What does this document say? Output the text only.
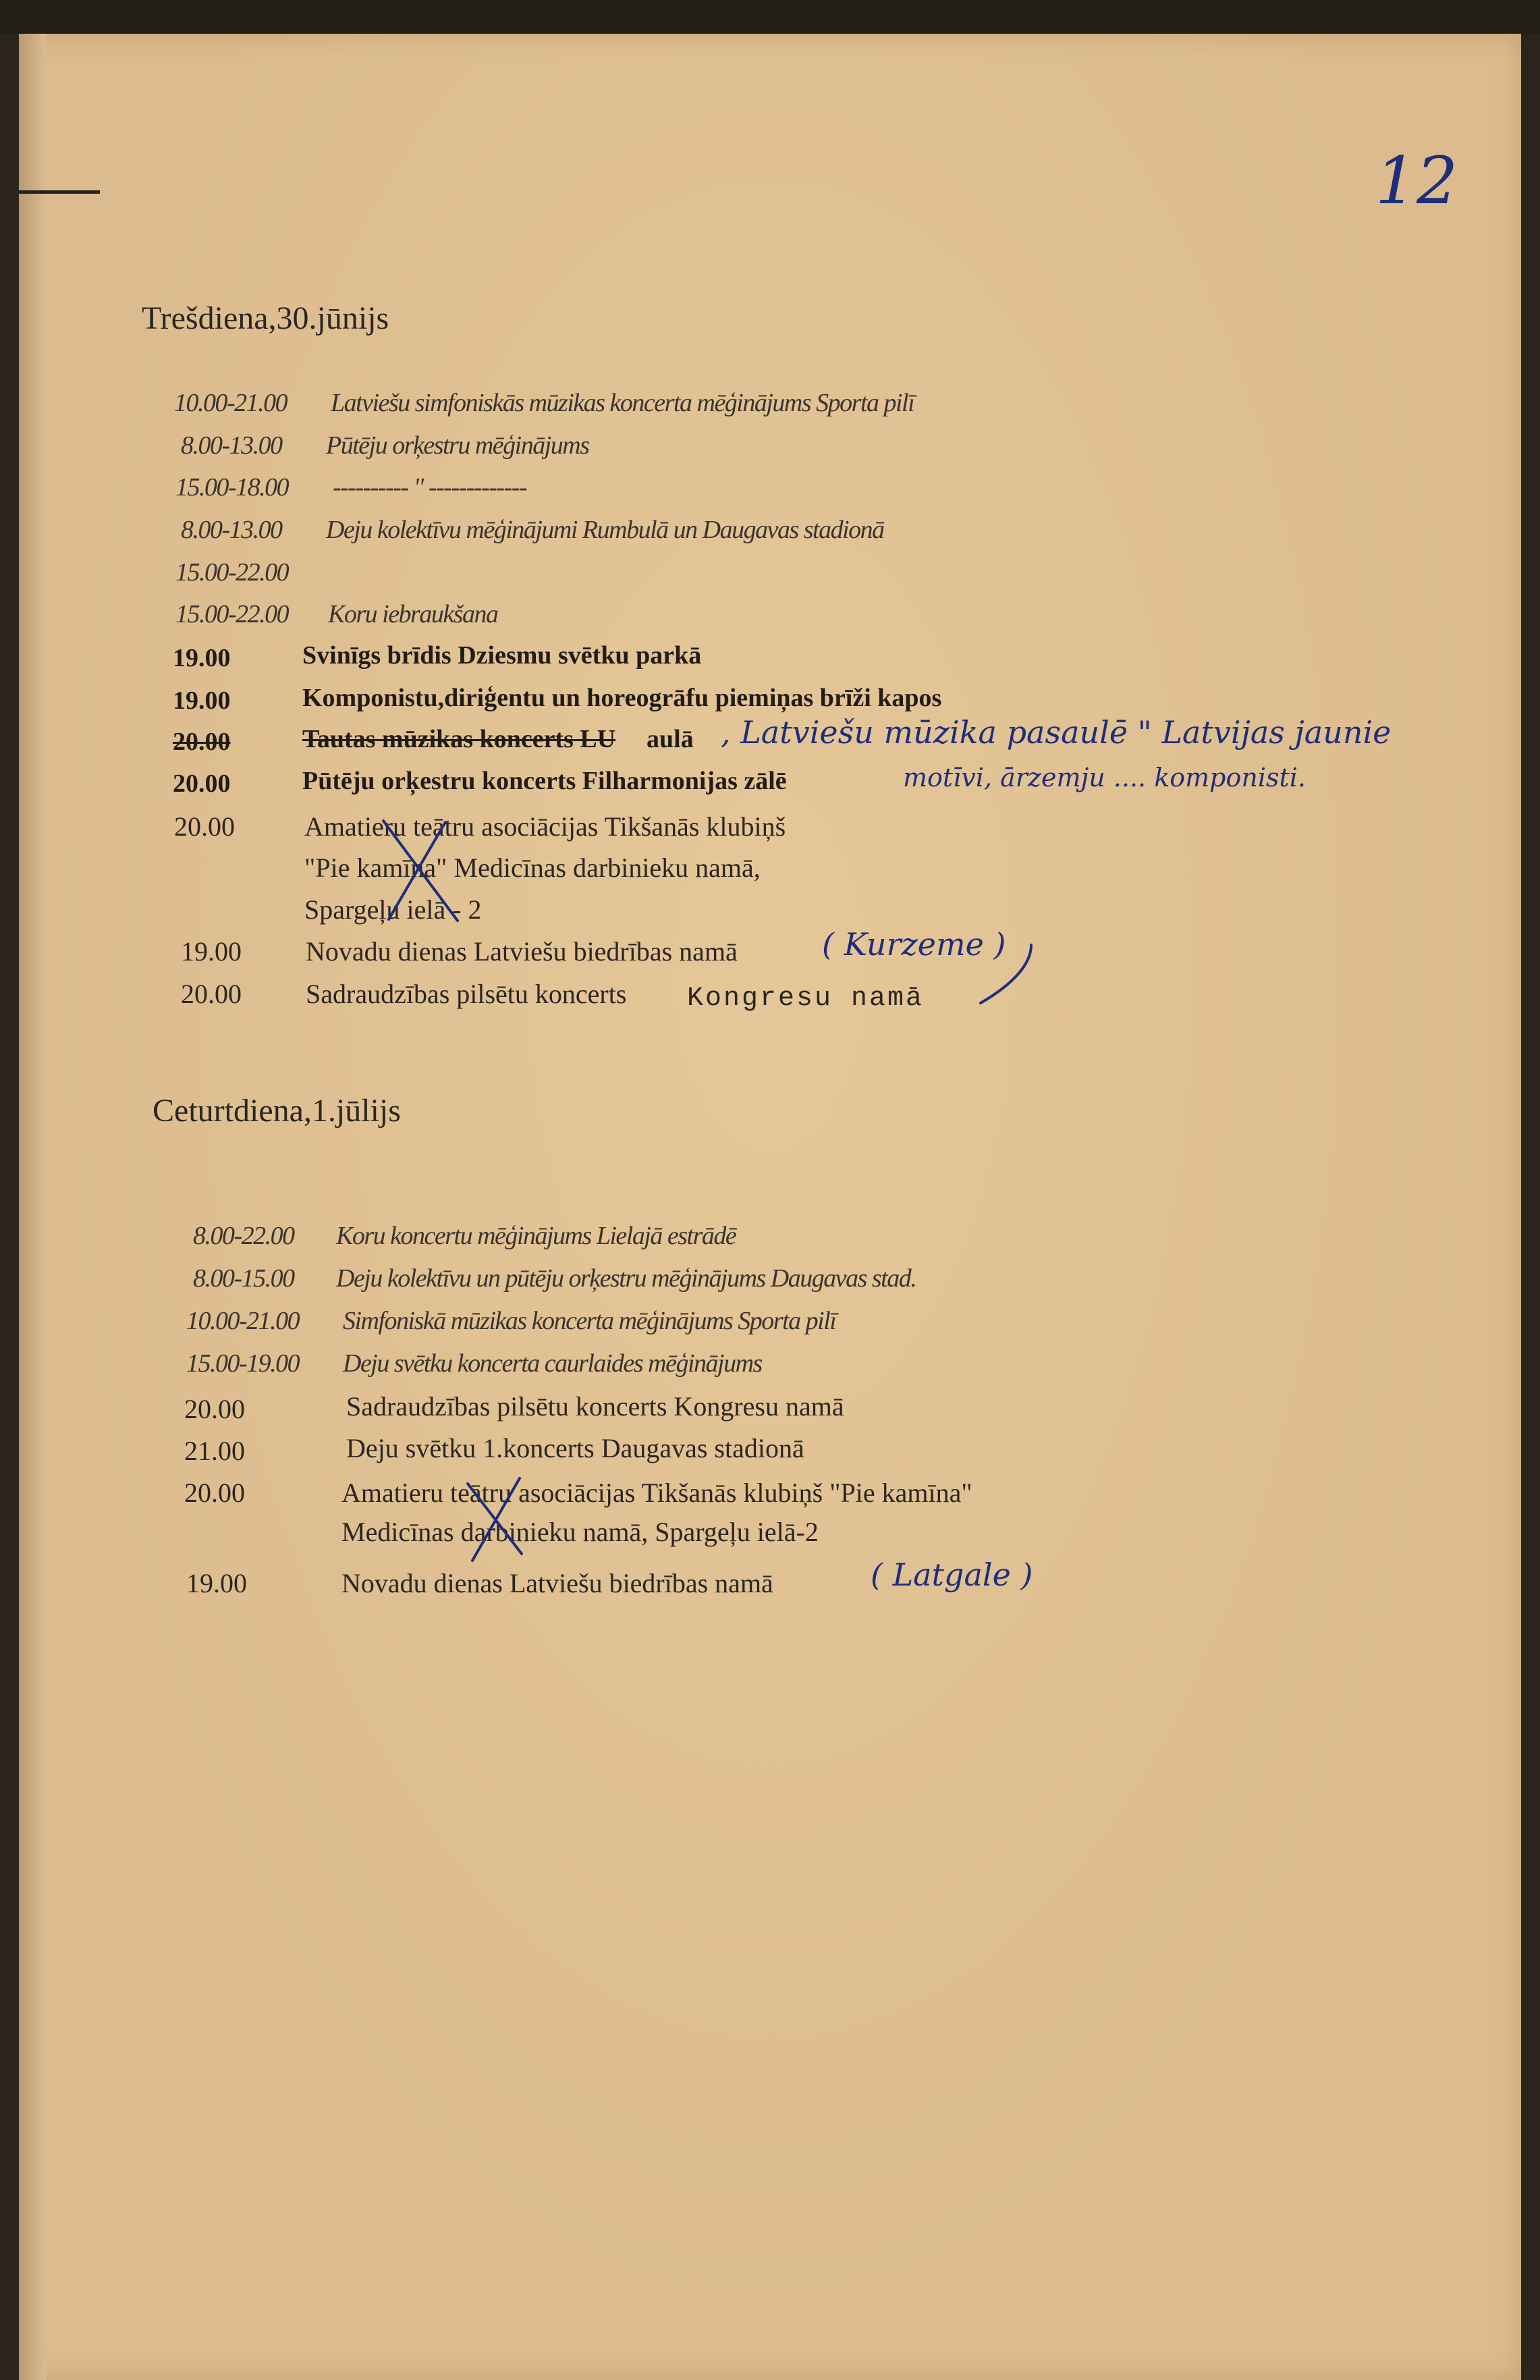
12
Trešdiena,30.jūnijs
10.00-21.00 Latviešu simfoniskās mūzikas koncerta mēģinājums Sporta pilī
8.00-13.00 Pūtēju orķestru mēģinājums
15.00-18.00 ---------- " -------------
8.00-13.00 Deju kolektīvu mēģinājumi Rumbulā un Daugavas stadionā
15.00-22.00
15.00-22.00 Koru iebraukšana
19.00	Svinīgs brīdis Dziesmu svētku parkā
19.00	Komponistu,diriģentu un horeogrāfu piemiņas brīži kapos
20.00	Tautas mūzikas koncerts LU aulā , Latviešu mūzika pasaulē " Latvijas jaunie
motīvi, ārzemju .... komponisti.
20.00	Pūtēju orķestru koncerts Filharmonijas zālē
20.00	Amatieru teātru asociācijas Tikšanās klubiņš
"Pie kamīna" Medicīnas darbinieku namā,
Spargeļu ielā - 2
19.00 Novadu dienas Latviešu biedrības namā	( Kurzeme )
20.00 Sadraudzības pilsētu koncerts Kongresu namā
Ceturtdiena,1.jūlijs
8.00-22.00 Koru koncertu mēģinājums Lielajā estrādē
8.00-15.00 Deju kolektīvu un pūtēju orķestru mēģinājums Daugavas stad.
10.00-21.00 Simfoniskā mūzikas koncerta mēģinājums Sporta pilī
15.00-19.00 Deju svētku koncerta caurlaides mēģinājums
20.00	Sadraudzības pilsētu koncerts Kongresu namā
21.00	Deju svētku 1.koncerts Daugavas stadionā
20.00	Amatieru teātru asociācijas Tikšanās klubiņš "Pie kamīna"
Medicīnas darbinieku namā, Spargeļu ielā-2
19.00	Novadu dienas Latviešu biedrības namā	( Latgale )
